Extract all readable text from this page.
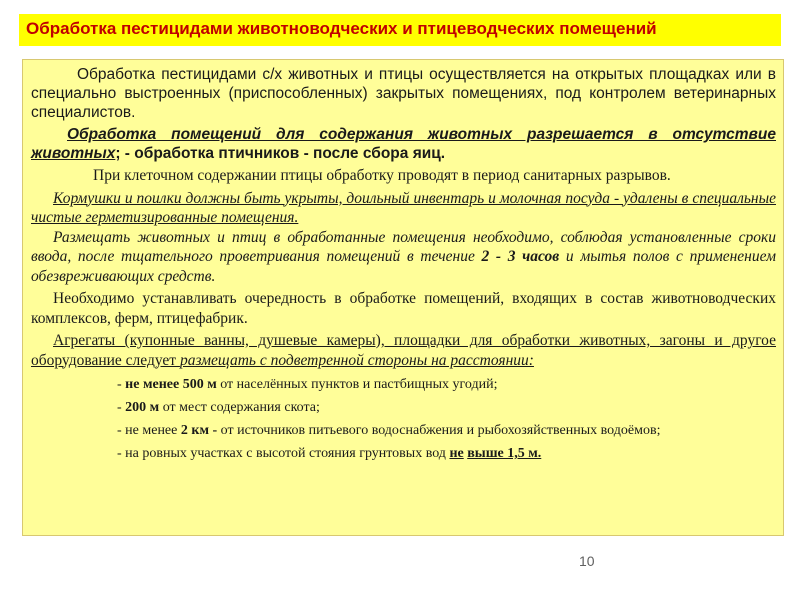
Обработка пестицидами животноводческих и птицеводческих помещений

Обработка пестицидами с/х животных и птицы осуществляется на открытых площадках или в специально выстроенных (приспособленных) закрытых помещениях, под контролем ветеринарных специалистов.

Обработка помещений для содержания животных разрешается в отсутствие животных; - обработка птичников - после сбора яиц.

При клеточном содержании птицы обработку проводят в период санитарных разрывов.

Кормушки и поилки должны быть укрыты, доильный инвентарь и молочная посуда - удалены в специальные чистые герметизированные помещения.

Размещать животных и птиц в обработанные помещения необходимо, соблюдая установленные сроки ввода, после тщательного проветривания помещений в течение 2 - 3 часов и мытья полов с применением обезвреживающих средств.

Необходимо устанавливать очередность в обработке помещений, входящих в состав животноводческих комплексов, ферм, птицефабрик.

Агрегаты (купонные ванны, душевые камеры), площадки для обработки животных, загоны и другое оборудование следует размещать с подветренной стороны на расстоянии:

- не менее 500 м от населённых пунктов и пастбищных угодий;
- 200 м от мест содержания скота;
- не менее 2 км - от источников питьевого водоснабжения и рыбохозяйственных водоёмов;
- на ровных участках с высотой стояния грунтовых вод не выше 1,5 м.
10
